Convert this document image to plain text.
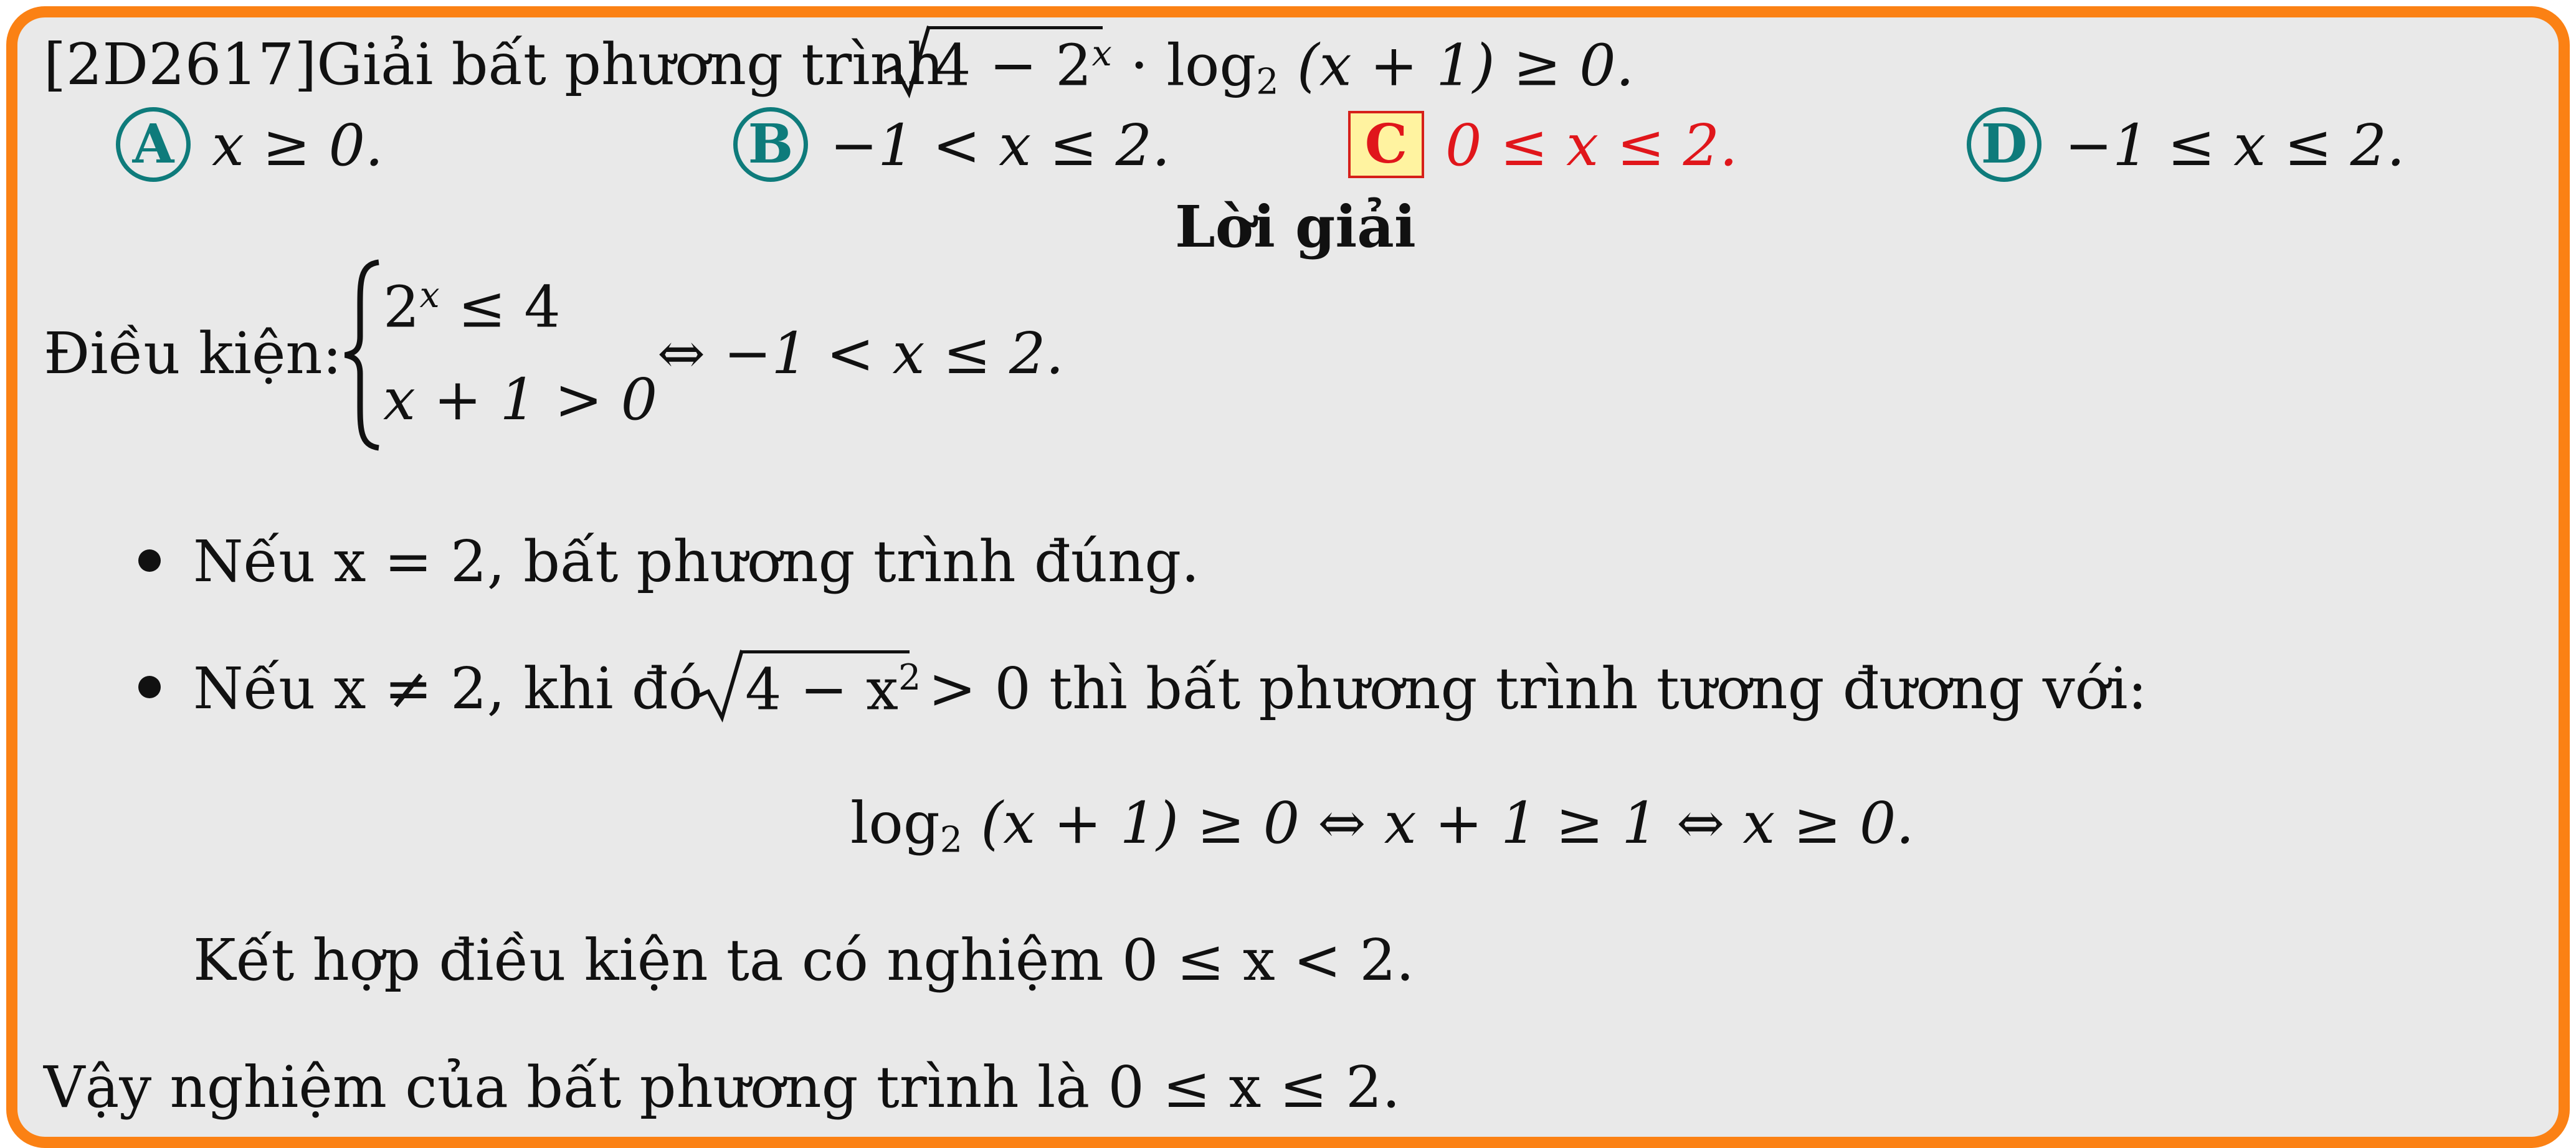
[2D2617]Giải bất phương trình
$4 - 2^x \cdot \log_2 (x + 1) \ge 0$.
A x ≥ 0.	B −1 < x ≤ 2.	C 0 ≤ x ≤ 2.	D −1 ≤ x ≤ 2.
Lời giải
Điều kiện:
$2^x \le 4$
x + 1 > 0
⇔ −1 < x ≤ 2.
Nếu x = 2, bất phương trình đúng.
Nếu x ≠ 2, khi đó $4 - x^2 > 0$ thì bất phương trình tương đương với:
$\log_2 (x + 1) \ge 0$ ⇔ x + 1 ≥ 1 ⇔ x ≥ 0.
Kết hợp điều kiện ta có nghiệm 0 ≤ x < 2.
Vậy nghiệm của bất phương trình là 0 ≤ x ≤ 2.
